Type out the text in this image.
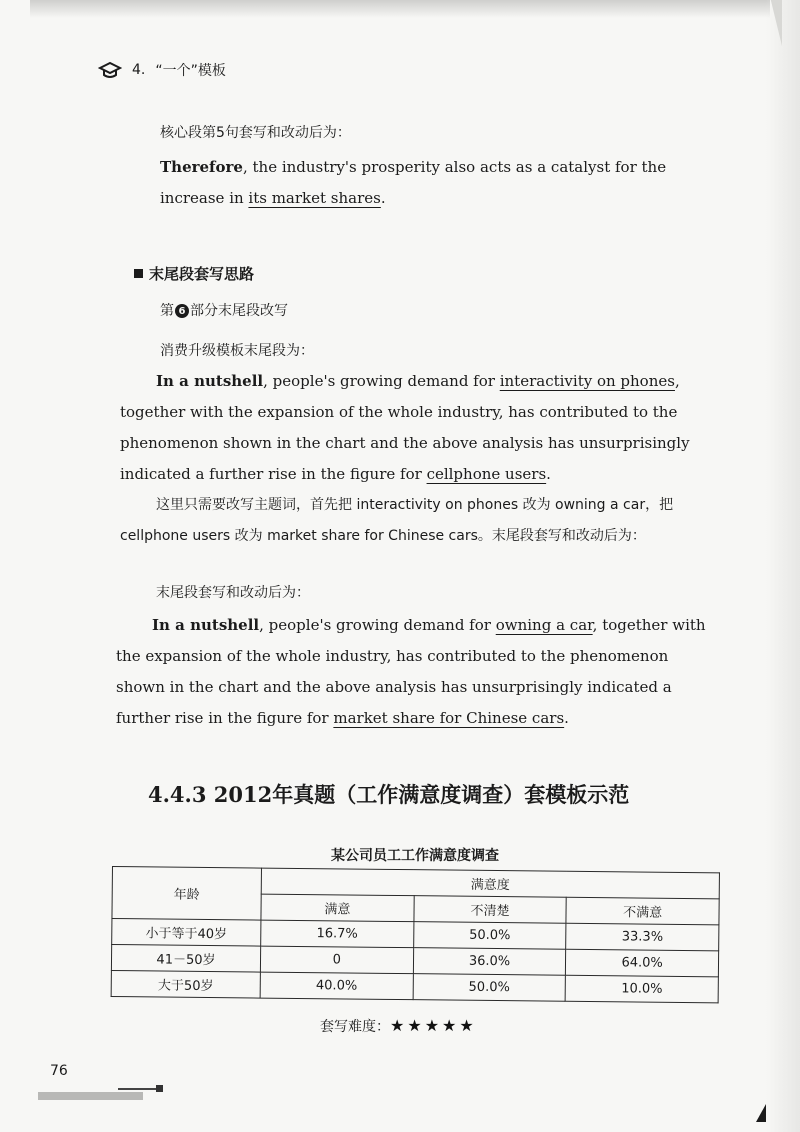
4. “一个”模板

核心段第5句套写和改动后为：

Therefore, the industry's prosperity also acts as a catalyst for the increase in its market shares.

末尾段套写思路

第 6 部分末尾段改写

消费升级模板末尾段为：

In a nutshell, people's growing demand for interactivity on phones, together with the expansion of the whole industry, has contributed to the phenomenon shown in the chart and the above analysis has unsurprisingly indicated a further rise in the figure for cellphone users.

这里只需要改写主题词，首先把 interactivity on phones 改为 owning a car，把 cellphone users 改为 market share for Chinese cars。末尾段套写和改动后为：

末尾段套写和改动后为：

In a nutshell, people's growing demand for owning a car, together with the expansion of the whole industry, has contributed to the phenomenon shown in the chart and the above analysis has unsurprisingly indicated a further rise in the figure for market share for Chinese cars.

4.4.3 2012年真题（工作满意度调查）套模板示范
某公司员工工作满意度调查
年龄	满意度		
	满意	不清楚	不满意
小于等于40岁	16.7%	50.0%	33.3%
41－50岁	0	36.0%	64.0%
大于50岁	40.0%	50.0%	10.0%
套写难度：★★★★★
76
